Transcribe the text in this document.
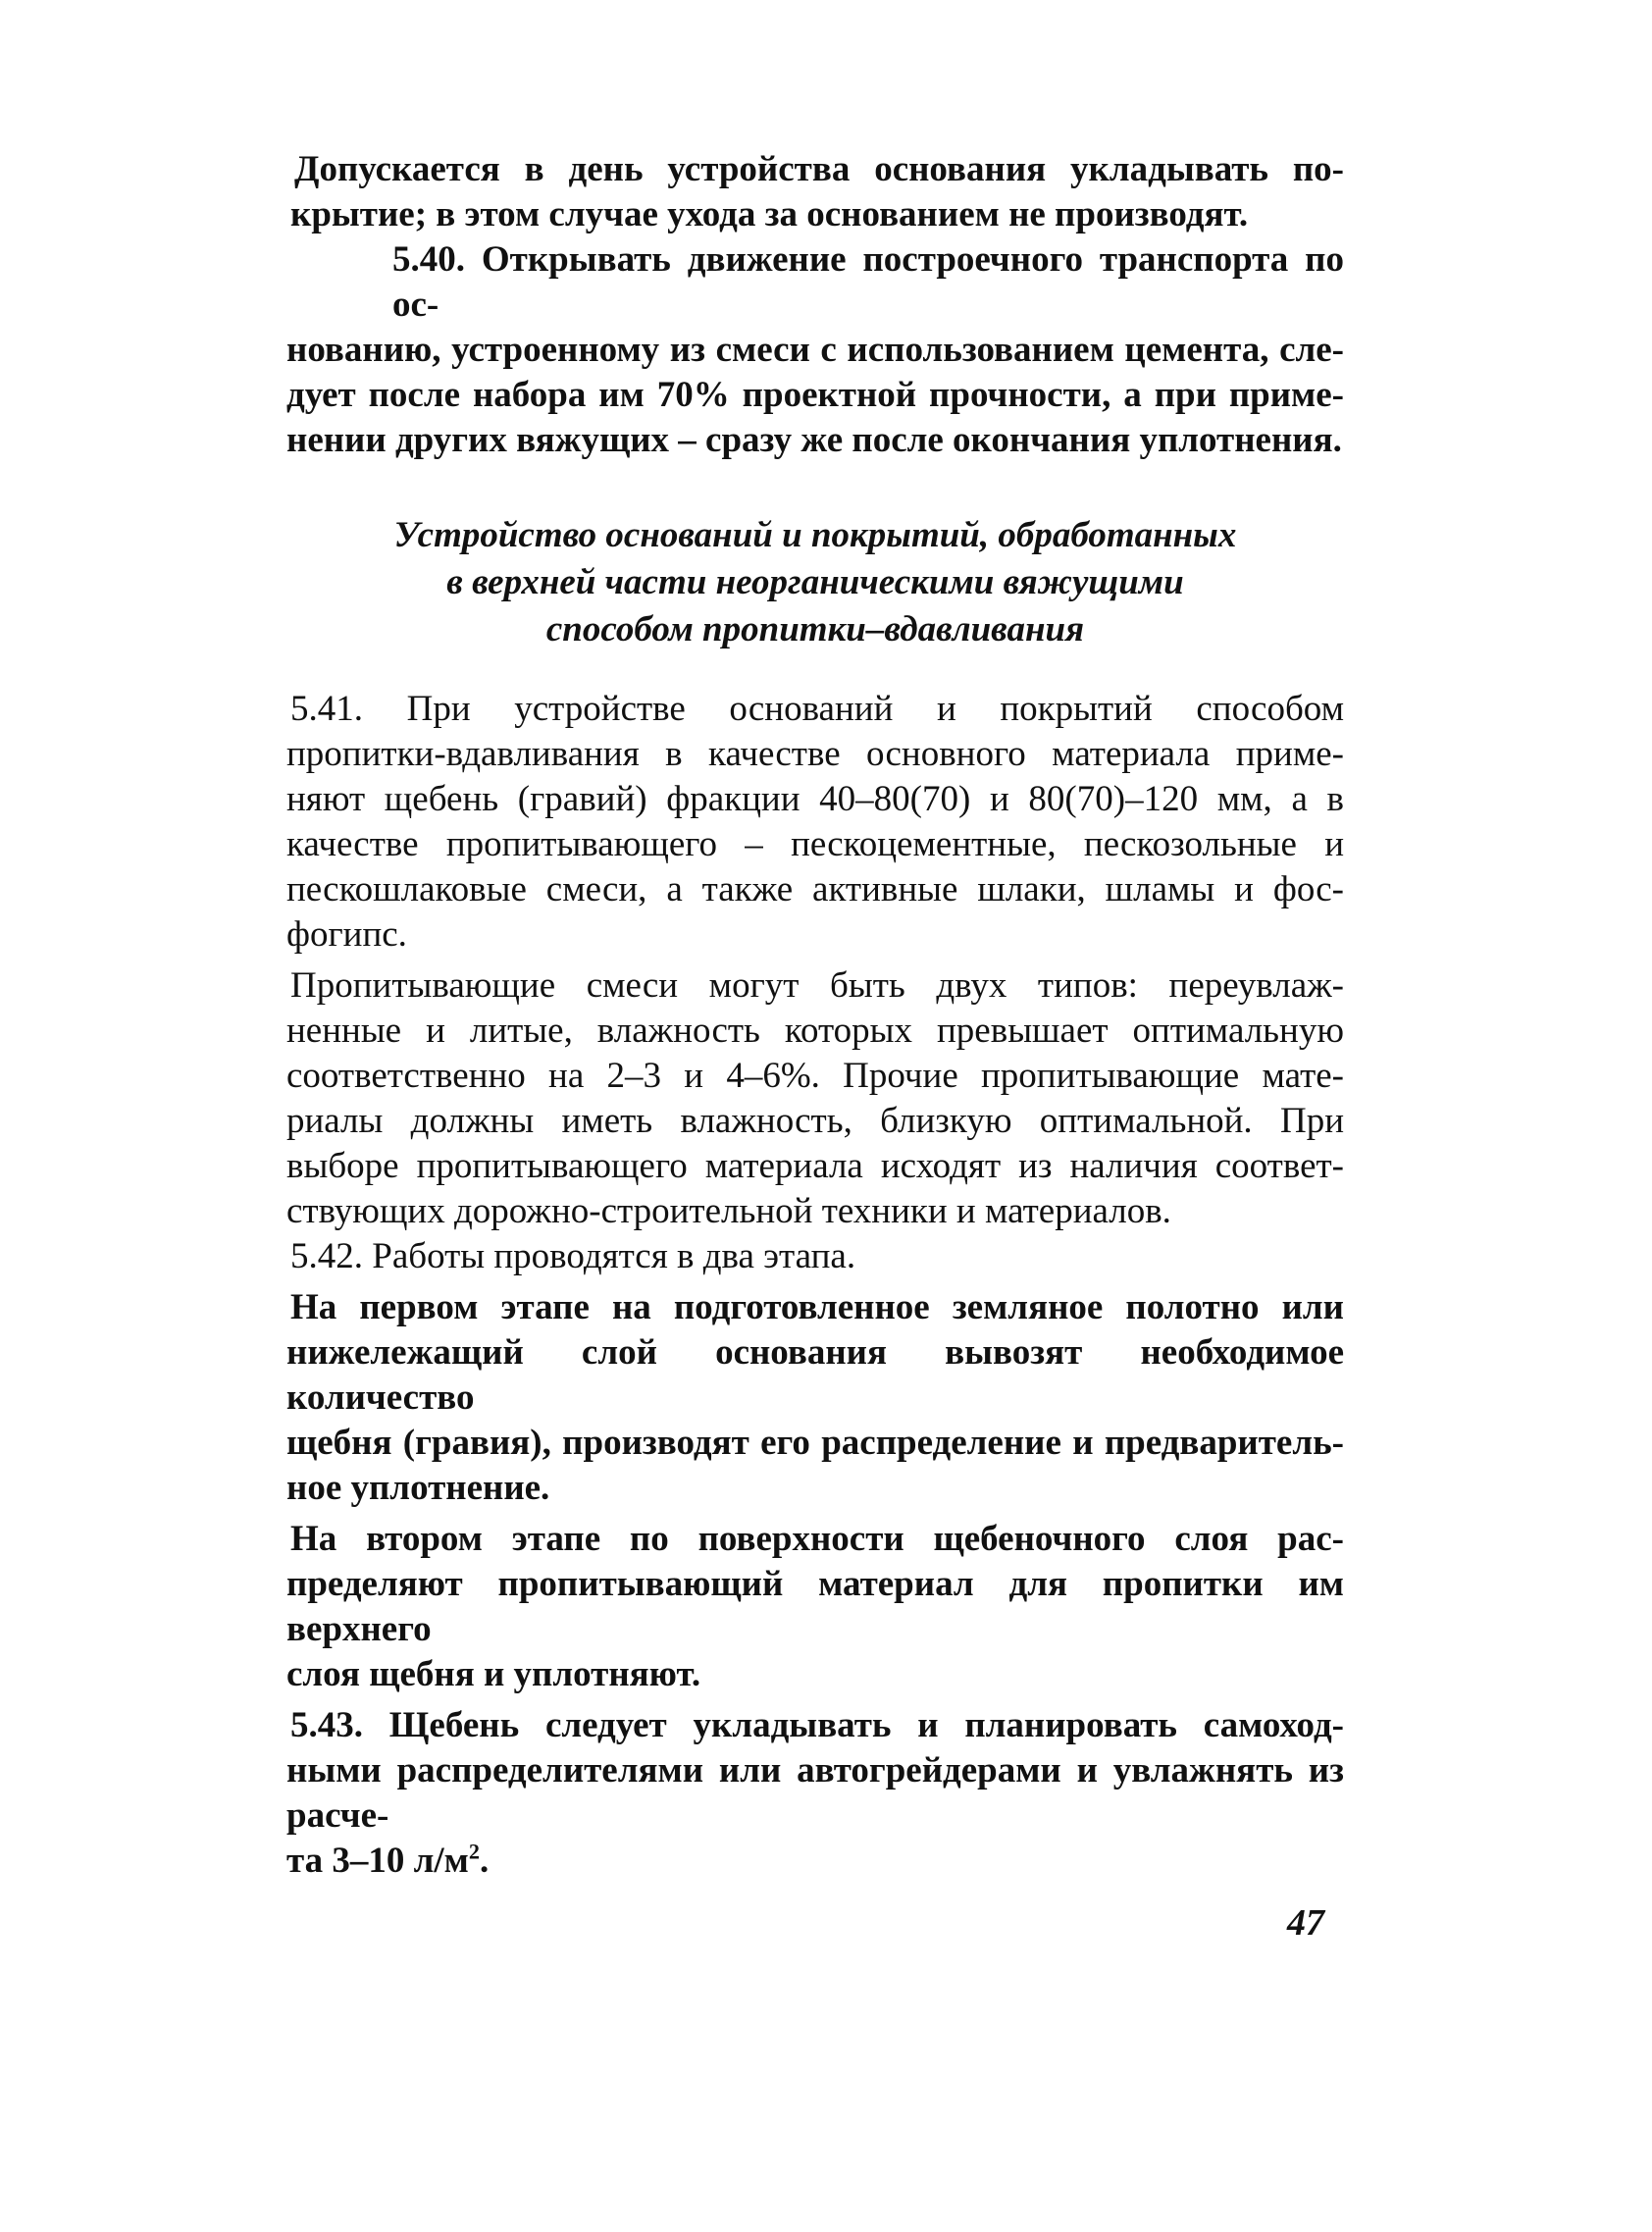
Допускается в день устройства основания укладывать по-
крытие; в этом случае ухода за основанием не производят.

5.40. Открывать движение построечного транспорта по ос-
нованию, устроенному из смеси с использованием цемента, сле-
дует после набора им 70% проектной прочности, а при приме-
нении других вяжущих – сразу же после окончания уплотнения.

Устройство оснований и покрытий, обработанных
в верхней части неорганическими вяжущими
способом пропитки–вдавливания

5.41. При устройстве оснований и покрытий способом
пропитки-вдавливания в качестве основного материала приме-
няют щебень (гравий) фракции 40–80(70) и 80(70)–120 мм, а в
качестве пропитывающего – пескоцементные, пескозольные и
пескошлаковые смеси, а также активные шлаки, шламы и фос-
фогипс.

Пропитывающие смеси могут быть двух типов: переувлаж-
ненные и литые, влажность которых превышает оптимальную
соответственно на 2–3 и 4–6%. Прочие пропитывающие мате-
риалы должны иметь влажность, близкую оптимальной. При
выборе пропитывающего материала исходят из наличия соответ-
ствующих дорожно-строительной техники и материалов.

5.42. Работы проводятся в два этапа.

На первом этапе на подготовленное земляное полотно или
нижележащий слой основания вывозят необходимое количество
щебня (гравия), производят его распределение и предваритель-
ное уплотнение.

На втором этапе по поверхности щебеночного слоя рас-
пределяют пропитывающий материал для пропитки им верхнего
слоя щебня и уплотняют.

5.43. Щебень следует укладывать и планировать самоход-
ными распределителями или автогрейдерами и увлажнять из расче-
та 3–10 $л/м^2$.

47
